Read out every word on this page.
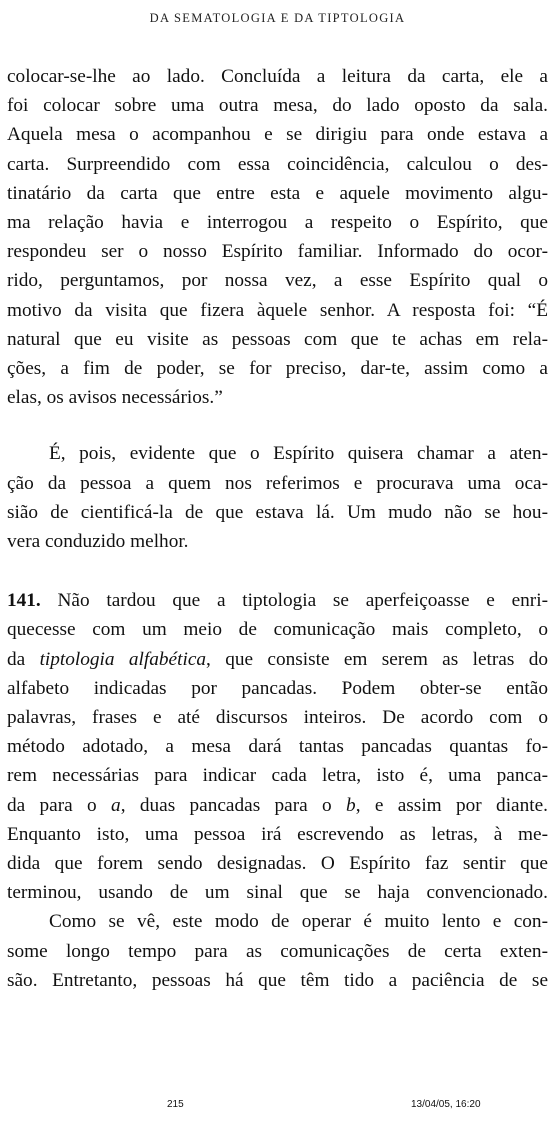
DA SEMATOLOGIA E DA TIPTOLOGIA

colocar-se-lhe ao lado. Concluída a leitura da carta, ele a
foi colocar sobre uma outra mesa, do lado oposto da sala.
Aquela mesa o acompanhou e se dirigiu para onde estava a
carta. Surpreendido com essa coincidência, calculou o des-
tinatário da carta que entre esta e aquele movimento algu-
ma relação havia e interrogou a respeito o Espírito, que
respondeu ser o nosso Espírito familiar. Informado do ocor-
rido, perguntamos, por nossa vez, a esse Espírito qual o
motivo da visita que fizera àquele senhor. A resposta foi: “É
natural que eu visite as pessoas com que te achas em rela-
ções, a fim de poder, se for preciso, dar-te, assim como a
elas, os avisos necessários.”

É, pois, evidente que o Espírito quisera chamar a aten-
ção da pessoa a quem nos referimos e procurava uma oca-
sião de cientificá-la de que estava lá. Um mudo não se hou-
vera conduzido melhor.

141. Não tardou que a tiptologia se aperfeiçoasse e enri-
quecesse com um meio de comunicação mais completo, o
da tiptologia alfabética, que consiste em serem as letras do
alfabeto indicadas por pancadas. Podem obter-se então
palavras, frases e até discursos inteiros. De acordo com o
método adotado, a mesa dará tantas pancadas quantas fo-
rem necessárias para indicar cada letra, isto é, uma panca-
da para o a, duas pancadas para o b, e assim por diante.
Enquanto isto, uma pessoa irá escrevendo as letras, à me-
dida que forem sendo designadas. O Espírito faz sentir que
terminou, usando de um sinal que se haja convencionado.

Como se vê, este modo de operar é muito lento e con-
some longo tempo para as comunicações de certa exten-
são. Entretanto, pessoas há que têm tido a paciência de se

215	13/04/05, 16:20
